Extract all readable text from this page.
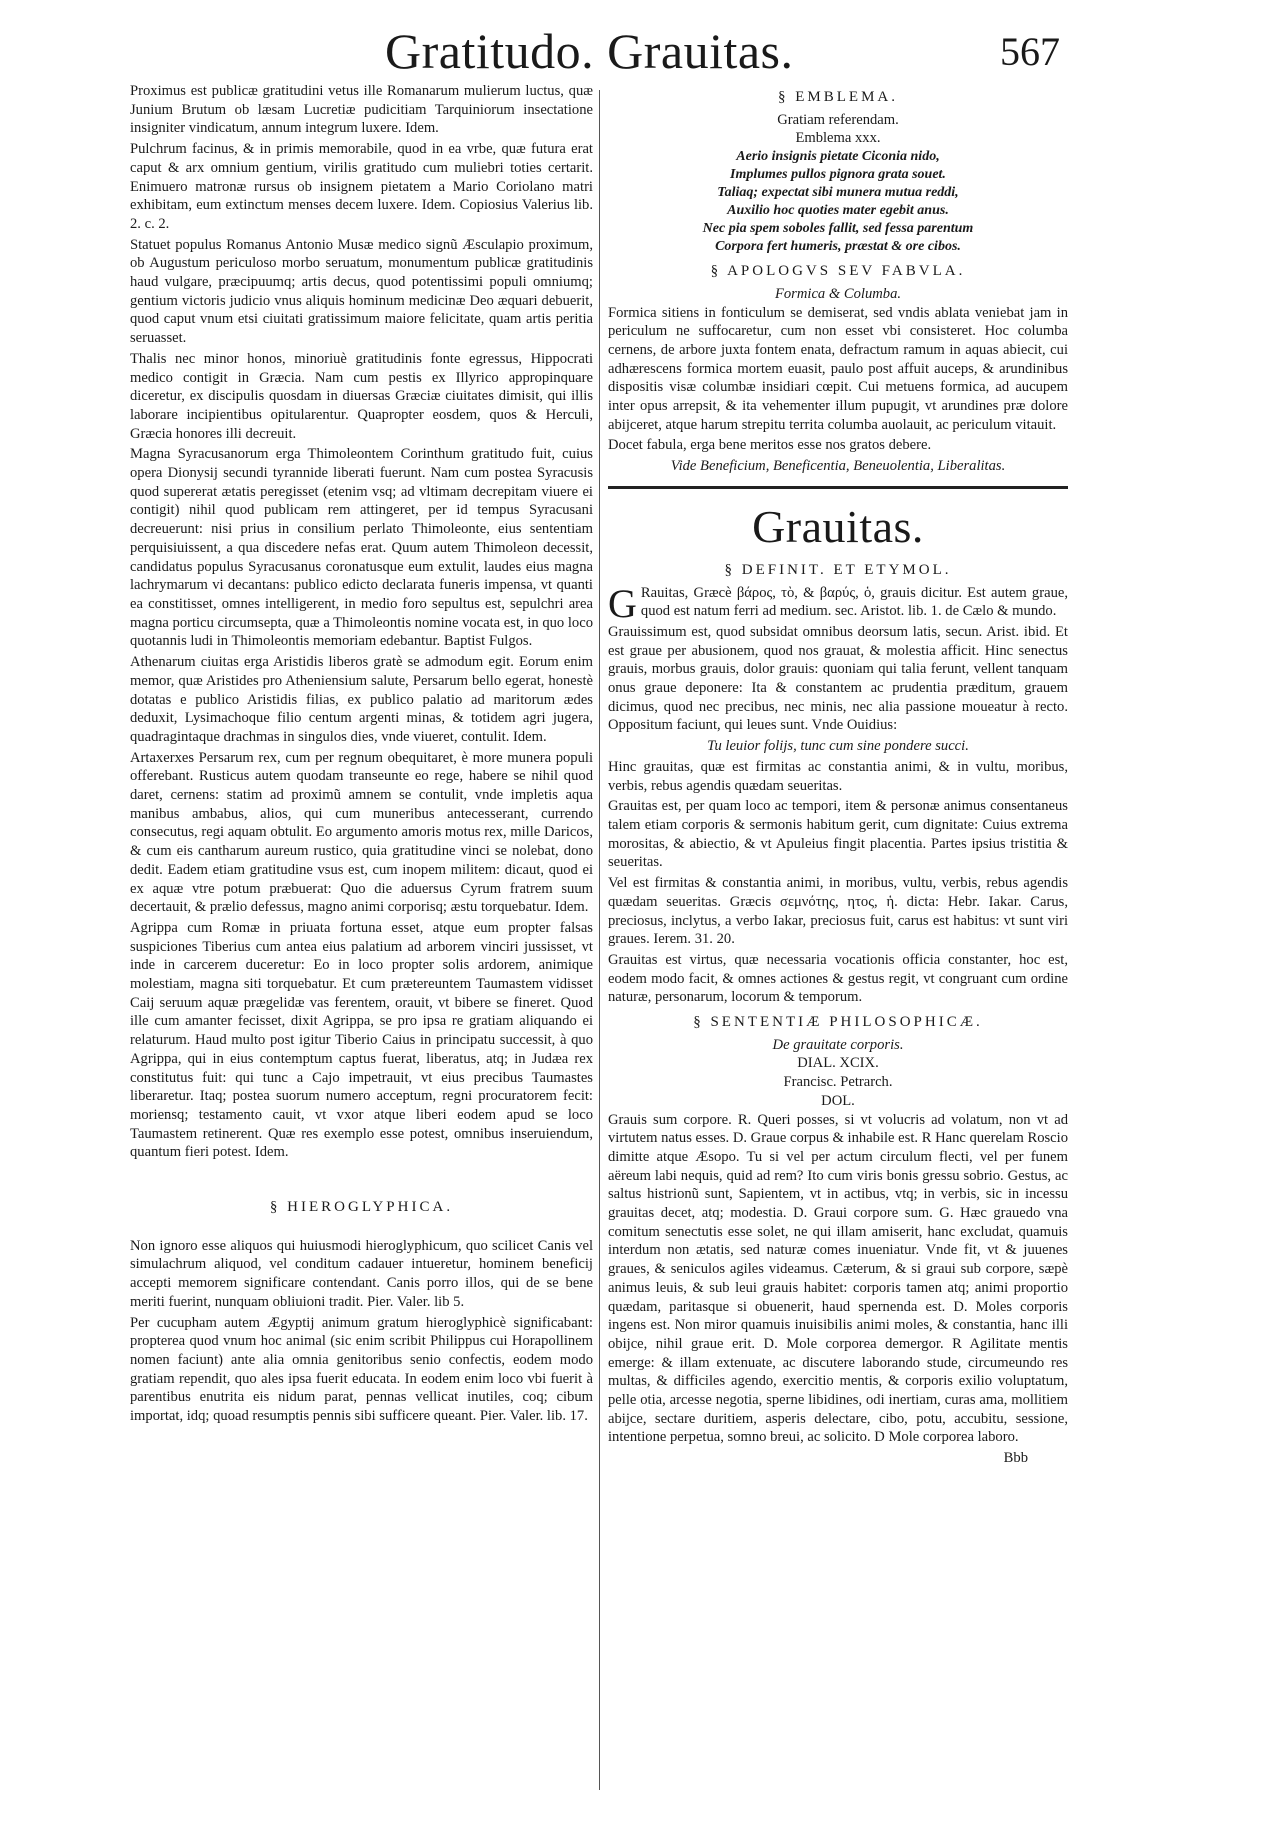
Gratitudo. Grauitas.	567

Proximus est publicæ gratitudini vetus ille Romanarum mulierum luctus, quæ Junium Brutum ob læsam Lucretiæ pudicitiam Tarquiniorum insectatione insigniter vindicatum, annum integrum luxere. Idem.

Pulchrum facinus, & in primis memorabile, quod in ea vrbe, quæ futura erat caput & arx omnium gentium, virilis gratitudo cum muliebri toties certarit. Enimuero matronæ rursus ob insignem pietatem a Mario Coriolano matri exhibitam, eum extinctum menses decem luxere. Idem. Copiosius Valerius lib. 2. c. 2.

Statuet populus Romanus Antonio Musæ medico signũ Æsculapio proximum, ob Augustum periculoso morbo seruatum, monumentum publicæ gratitudinis haud vulgare, præcipuumq; artis decus, quod potentissimi populi omniumq; gentium victoris judicio vnus aliquis hominum medicinæ Deo æquari debuerit, quod caput vnum etsi ciuitati gratissimum maiore felicitate, quam artis peritia seruasset.

Thalis nec minor honos, minoriuè gratitudinis fonte egressus, Hippocrati medico contigit in Græcia. Nam cum pestis ex Illyrico appropinquare diceretur, ex discipulis quosdam in diuersas Græciæ ciuitates dimisit, qui illis laborare incipientibus opitularentur. Quapropter eosdem, quos & Herculi, Græcia honores illi decreuit.

Magna Syracusanorum erga Thimoleontem Corinthum gratitudo fuit, cuius opera Dionysij secundi tyrannide liberati fuerunt. Nam cum postea Syracusis quod supererat ætatis peregisset (etenim vsq; ad vltimam decrepitam viuere ei contigit) nihil quod publicam rem attingeret, per id tempus Syracusani decreuerunt: nisi prius in consilium perlato Thimoleonte, eius sententiam perquisiuissent, a qua discedere nefas erat. Quum autem Thimoleon decessit, candidatus populus Syracusanus coronatusque eum extulit, laudes eius magna lachrymarum vi decantans: publico edicto declarata funeris impensa, vt quanti ea constitisset, omnes intelligerent, in medio foro sepultus est, sepulchri area magna porticu circumsepta, quæ a Thimoleontis nomine vocata est, in quo loco quotannis ludi in Thimoleontis memoriam edebantur. Baptist Fulgos.

Athenarum ciuitas erga Aristidis liberos gratè se admodum egit. Eorum enim memor, quæ Aristides pro Atheniensium salute, Persarum bello egerat, honestè dotatas e publico Aristidis filias, ex publico palatio ad maritorum ædes deduxit, Lysimachoque filio centum argenti minas, & totidem agri jugera, quadragintaque drachmas in singulos dies, vnde viueret, contulit. Idem.

Artaxerxes Persarum rex, cum per regnum obequitaret, è more munera populi offerebant. Rusticus autem quodam transeunte eo rege, habere se nihil quod daret, cernens: statim ad proximũ amnem se contulit, vnde impletis aqua manibus ambabus, alios, qui cum muneribus antecesserant, currendo consecutus, regi aquam obtulit. Eo argumento amoris motus rex, mille Daricos, & cum eis cantharum aureum rustico, quia gratitudine vinci se nolebat, dono dedit. Eadem etiam gratitudine vsus est, cum inopem militem: dicaut, quod ei ex aquæ vtre potum præbuerat: Quo die aduersus Cyrum fratrem suum decertauit, & prælio defessus, magno animi corporisq; æstu torquebatur. Idem.

Agrippa cum Romæ in priuata fortuna esset, atque eum propter falsas suspiciones Tiberius cum antea eius palatium ad arborem vinciri jussisset, vt inde in carcerem duceretur: Eo in loco propter solis ardorem, animique molestiam, magna siti torquebatur. Et cum prætereuntem Taumastem vidisset Caij seruum aquæ prægelidæ vas ferentem, orauit, vt bibere se fineret. Quod ille cum amanter fecisset, dixit Agrippa, se pro ipsa re gratiam aliquando ei relaturum. Haud multo post igitur Tiberio Caius in principatu successit, à quo Agrippa, qui in eius contemptum captus fuerat, liberatus, atq; in Judæa rex constitutus fuit: qui tunc a Cajo impetrauit, vt eius precibus Taumastes liberaretur. Itaq; postea suorum numero acceptum, regni procuratorem fecit: moriensq; testamento cauit, vt vxor atque liberi eodem apud se loco Taumastem retinerent. Quæ res exemplo esse potest, omnibus inseruiendum, quantum fieri potest. Idem.

§ HIEROGLYPHICA.

Non ignoro esse aliquos qui huiusmodi hieroglyphicum, quo scilicet Canis vel simulachrum aliquod, vel conditum cadauer intueretur, hominem beneficij accepti memorem significare contendant. Canis porro illos, qui de se bene meriti fuerint, nunquam obliuioni tradit. Pier. Valer. lib 5.

Per cucupham autem Ægyptij animum gratum hieroglyphicè significabant: propterea quod vnum hoc animal (sic enim scribit Philippus cui Horapollinem nomen faciunt) ante alia omnia genitoribus senio confectis, eodem modo gratiam rependit, quo ales ipsa fuerit educata. In eodem enim loco vbi fuerit à parentibus enutrita eis nidum parat, pennas vellicat inutiles, coq; cibum importat, idq; quoad resumptis pennis sibi sufficere queant. Pier. Valer. lib. 17.

§ EMBLEMA.
Gratiam referendam.
Emblema xxx.
Aerio insignis pietate Ciconia nido,
Implumes pullos pignora grata souet.
Taliaq; expectat sibi munera mutua reddi,
Auxilio hoc quoties mater egebit anus.
Nec pia spem soboles fallit, sed fessa parentum
Corpora fert humeris, præstat & ore cibos.
§ APOLOGVS SEV FABVLA.
Formica & Columba.

Formica sitiens in fonticulum se demiserat, sed vndis ablata veniebat jam in periculum ne suffocaretur, cum non esset vbi consisteret. Hoc columba cernens, de arbore juxta fontem enata, defractum ramum in aquas abiecit, cui adhærescens formica mortem euasit, paulo post affuit auceps, & arundinibus dispositis visæ columbæ insidiari cœpit. Cui metuens formica, ad aucupem inter opus arrepsit, & ita vehementer illum pupugit, vt arundines præ dolore abijceret, atque harum strepitu territa columba auolauit, ac periculum vitauit.

Docet fabula, erga bene meritos esse nos gratos debere.

Vide Beneficium, Beneficentia, Beneuolentia, Liberalitas.

Grauitas.
§ DEFINIT. ET ETYMOL.

G Rauitas, Græcè βάρος, τὸ, & βαρύς, ὁ, grauis dicitur. Est autem graue, quod est natum ferri ad medium. sec. Aristot. lib. 1. de Cælo & mundo.

Grauissimum est, quod subsidat omnibus deorsum latis, secun. Arist. ibid. Et est graue per abusionem, quod nos grauat, & molestia afficit. Hinc senectus grauis, morbus grauis, dolor grauis: quoniam qui talia ferunt, vellent tanquam onus graue deponere: Ita & constantem ac prudentia præditum, grauem dicimus, quod nec precibus, nec minis, nec alia passione moueatur à recto. Oppositum faciunt, qui leues sunt. Vnde Ouidius:

Tu leuior folijs, tunc cum sine pondere succi.

Hinc grauitas, quæ est firmitas ac constantia animi, & in vultu, moribus, verbis, rebus agendis quædam seueritas.

Grauitas est, per quam loco ac tempori, item & personæ animus consentaneus talem etiam corporis & sermonis habitum gerit, cum dignitate: Cuius extrema morositas, & abiectio, & vt Apuleius fingit placentia. Partes ipsius tristitia & seueritas.

Vel est firmitas & constantia animi, in moribus, vultu, verbis, rebus agendis quædam seueritas. Græcis σεμνότης, ητος, ἡ. dicta: Hebr. Iakar. Carus, preciosus, inclytus, a verbo Iakar, preciosus fuit, carus est habitus: vt sunt viri graues. Ierem. 31. 20.

Grauitas est virtus, quæ necessaria vocationis officia constanter, hoc est, eodem modo facit, & omnes actiones & gestus regit, vt congruant cum ordine naturæ, personarum, locorum & temporum.

§ SENTENTIÆ PHILOSOPHICÆ.
De grauitate corporis.
DIAL. XCIX.
Francisc. Petrarch.
DOL.

Grauis sum corpore. R. Queri posses, si vt volucris ad volatum, non vt ad virtutem natus esses. D. Graue corpus & inhabile est. R Hanc querelam Roscio dimitte atque Æsopo. Tu si vel per actum circulum flecti, vel per funem aëreum labi nequis, quid ad rem? Ito cum viris bonis gressu sobrio. Gestus, ac saltus histrionũ sunt, Sapientem, vt in actibus, vtq; in verbis, sic in incessu grauitas decet, atq; modestia. D. Graui corpore sum. G. Hæc grauedo vna comitum senectutis esse solet, ne qui illam amiserit, hanc excludat, quamuis interdum non ætatis, sed naturæ comes inueniatur. Vnde fit, vt & juuenes graues, & seniculos agiles videamus. Cæterum, & si graui sub corpore, sæpè animus leuis, & sub leui grauis habitet: corporis tamen atq; animi proportio quædam, paritasque si obuenerit, haud spernenda est. D. Moles corporis ingens est. Non miror quamuis inuisibilis animi moles, & constantia, hanc illi obijce, nihil graue erit. D. Mole corporea demergor. R Agilitate mentis emerge: & illam extenuate, ac discutere laborando stude, circumeundo res multas, & difficiles agendo, exercitio mentis, & corporis exilio voluptatum, pelle otia, arcesse negotia, sperne libidines, odi inertiam, curas ama, mollitiem abijce, sectare duritiem, asperis delectare, cibo, potu, accubitu, sessione, intentione perpetua, somno breui, ac solicito. D Mole corporea laboro.

Bbb
